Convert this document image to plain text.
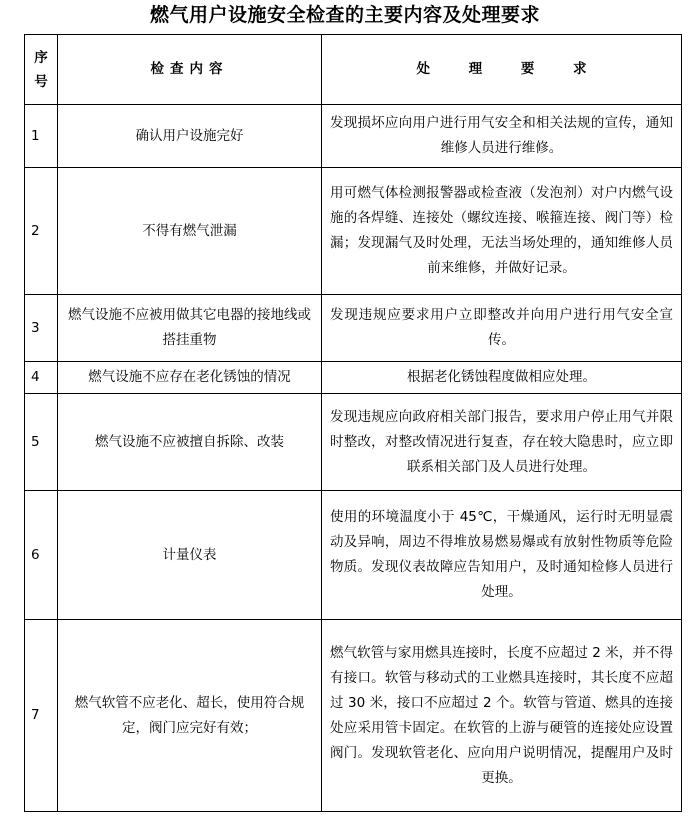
燃气用户设施安全检查的主要内容及处理要求
序号	检查内容	处 理 要 求
1	确认用户设施完好	发现损坏应向用户进行用气安全和相关法规的宣传，通知维修人员进行维修。
2	不得有燃气泄漏	用可燃气体检测报警器或检查液（发泡剂）对户内燃气设施的各焊缝、连接处（螺纹连接、喉箍连接、阀门等）检漏；发现漏气及时处理，无法当场处理的，通知维修人员前来维修，并做好记录。
3	燃气设施不应被用做其它电器的接地线或搭挂重物	发现违规应要求用户立即整改并向用户进行用气安全宣传。
4	燃气设施不应存在老化锈蚀的情况	根据老化锈蚀程度做相应处理。
5	燃气设施不应被擅自拆除、改装	发现违规应向政府相关部门报告，要求用户停止用气并限时整改，对整改情况进行复查，存在较大隐患时，应立即联系相关部门及人员进行处理。
6	计量仪表	使用的环境温度小于 45℃，干燥通风，运行时无明显震动及异响，周边不得堆放易燃易爆或有放射性物质等危险物质。发现仪表故障应告知用户，及时通知检修人员进行处理。
7	燃气软管不应老化、超长，使用符合规定，阀门应完好有效；	燃气软管与家用燃具连接时，长度不应超过 2 米，并不得有接口。软管与移动式的工业燃具连接时，其长度不应超过 30 米，接口不应超过 2 个。软管与管道、燃具的连接处应采用管卡固定。在软管的上游与硬管的连接处应设置阀门。发现软管老化、应向用户说明情况，提醒用户及时更换。
